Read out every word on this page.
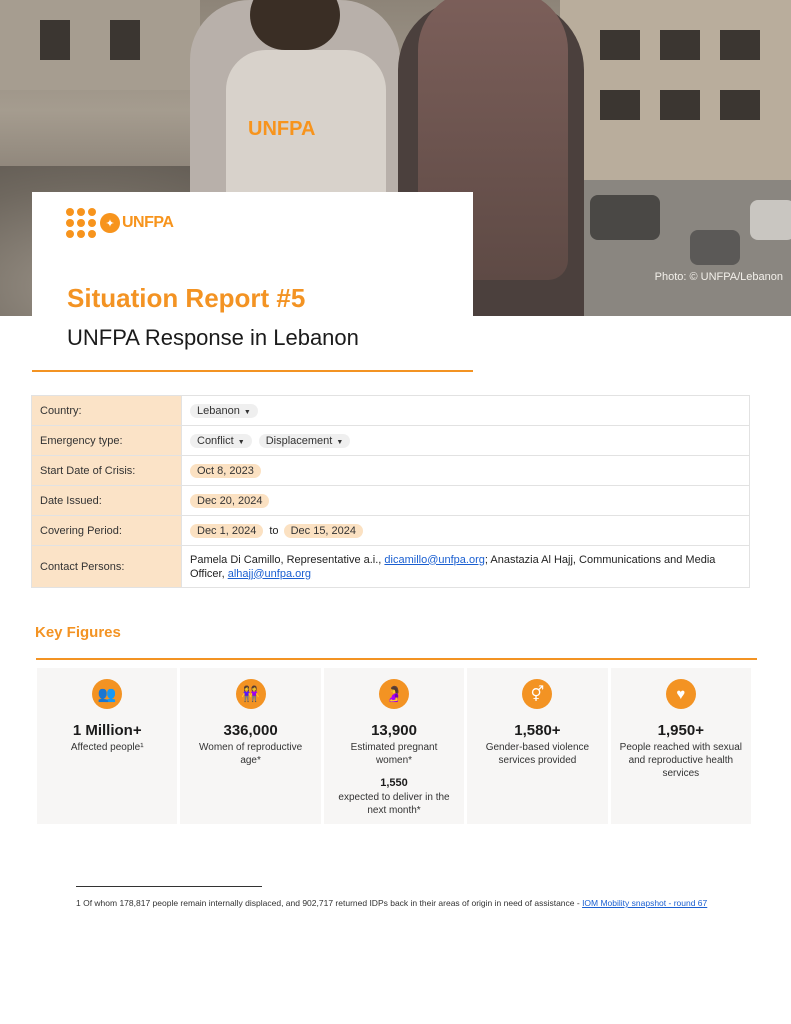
UNFPA
Photo: © UNFPA/Lebanon
✦ UNFPA
Situation Report #5
UNFPA Response in Lebanon
Country:	Lebanon ▼
Emergency type:	Conflict ▼ Displacement ▼
Start Date of Crisis:	Oct 8, 2023
Date Issued:	Dec 20, 2024
Covering Period:	Dec 1, 2024 to Dec 15, 2024
Contact Persons:	Pamela Di Camillo, Representative a.i., dicamillo@unfpa.org; Anastazia Al Hajj, Communications and Media Officer, alhajj@unfpa.org
Key Figures
👥
1 Million+
Affected people¹
👭
336,000
Women of reproductive age*
🤰
13,900
Estimated pregnant women*
1,550
expected to deliver in the next month*
⚥
1,580+
Gender-based violence services provided
♥
1,950+
People reached with sexual and reproductive health services
1 Of whom 178,817 people remain internally displaced, and 902,717 returned IDPs back in their areas of origin in need of assistance - IOM Mobility snapshot - round 67
